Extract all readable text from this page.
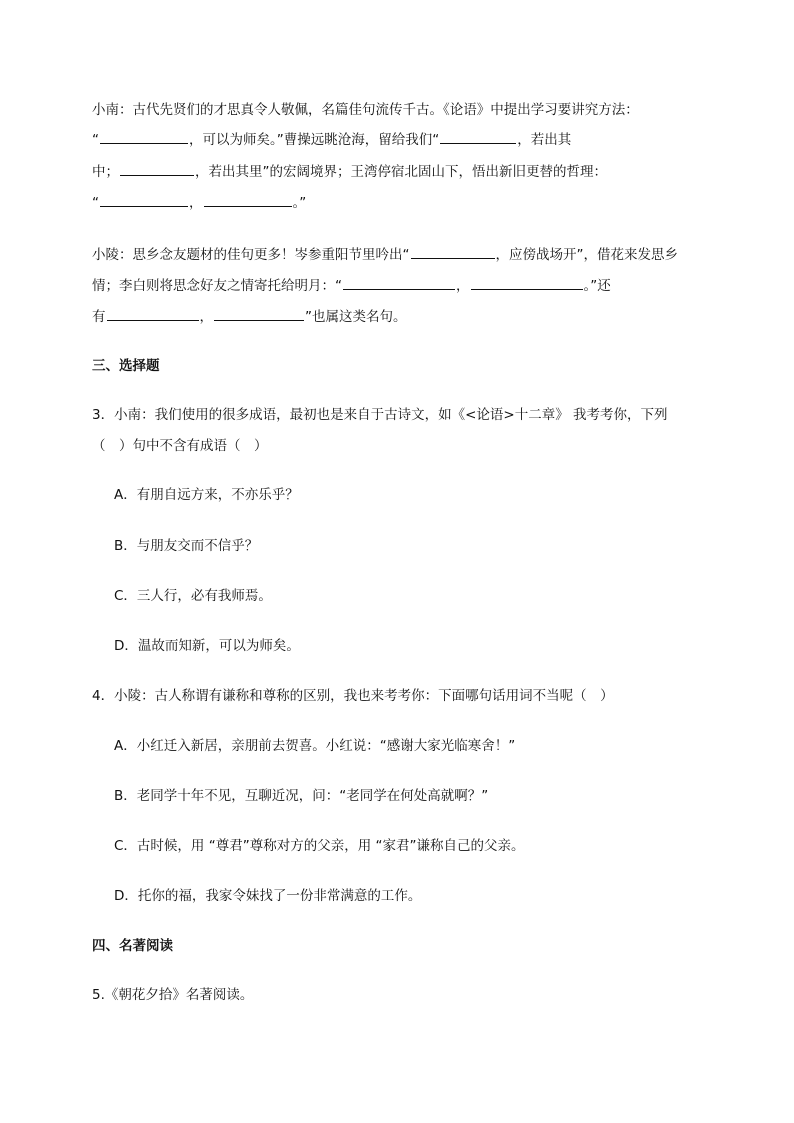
小南：古代先贤们的才思真令人敬佩，名篇佳句流传千古。《论语》中提出学习要讲究方法：
“	，可以为师矣。”曹操远眺沧海，留给我们“	，若出其
中；	，若出其里”的宏阔境界；王湾停宿北固山下，悟出新旧更替的哲理：
“	，	。”
小陵：思乡念友题材的佳句更多！岑参重阳节里吟出“	，应傍战场开”，借花来发思乡
情；李白则将思念好友之情寄托给明月：“	，	。”还
有	，	”也属这类名句。
三、选择题
3．小南：我们使用的很多成语，最初也是来自于古诗文，如《<论语>十二章》 我考考你，下列
（　）句中不含有成语（　）
A．有朋自远方来，不亦乐乎？
B．与朋友交而不信乎？
C．三人行，必有我师焉。
D．温故而知新，可以为师矣。
4．小陵：古人称谓有谦称和尊称的区别，我也来考考你：下面哪句话用词不当呢（　）
A．小红迁入新居，亲朋前去贺喜。小红说：“感谢大家光临寒舍！”
B．老同学十年不见，互聊近况，问：“老同学在何处高就啊？”
C．古时候，用 “尊君”尊称对方的父亲，用 “家君”谦称自己的父亲。
D．托你的福，我家令妹找了一份非常满意的工作。
四、名著阅读
5.《朝花夕拾》名著阅读。
